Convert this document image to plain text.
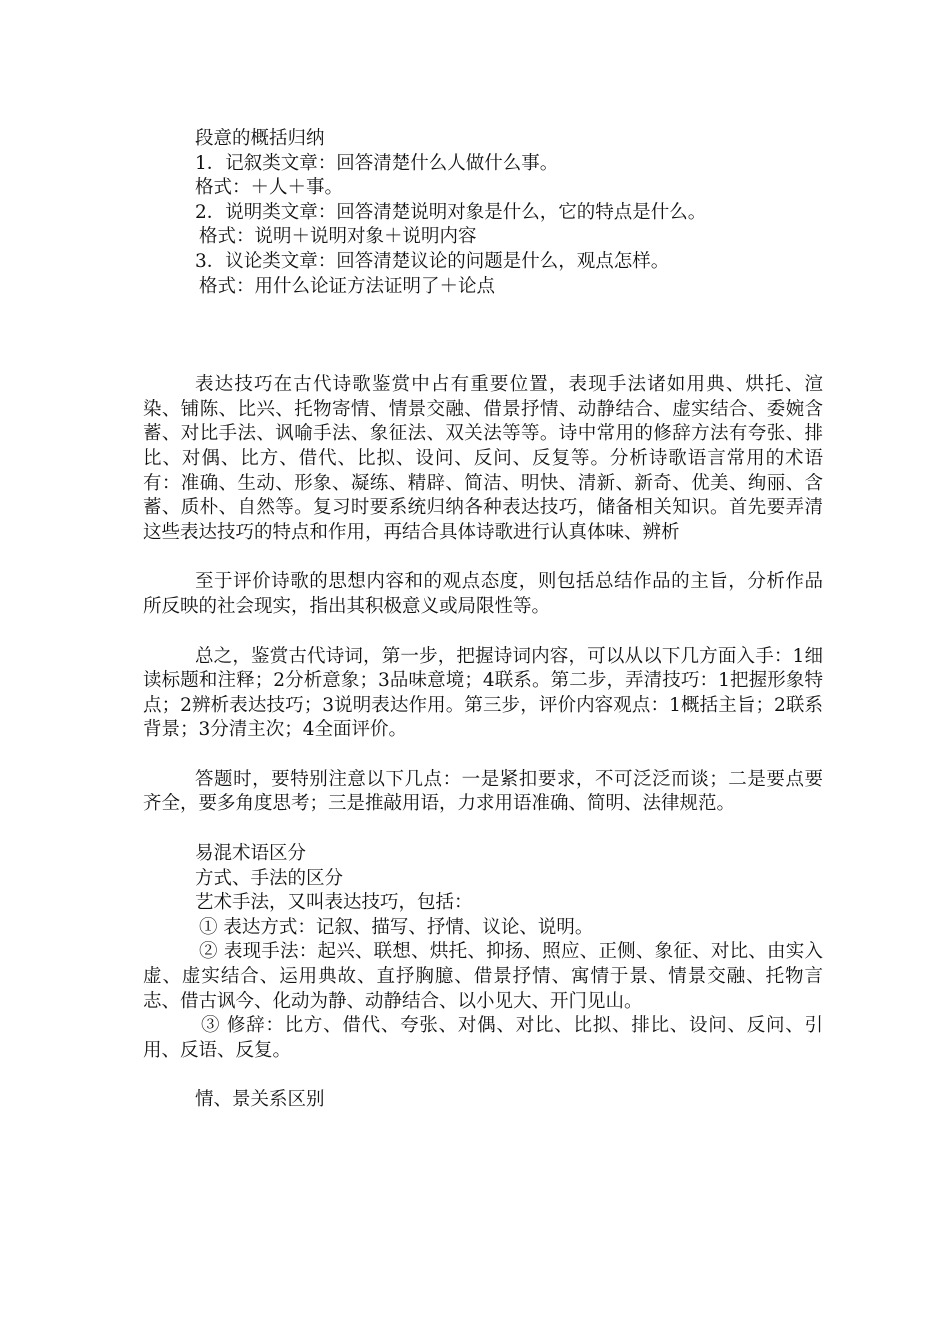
段意的概括归纳
1．记叙类文章：回答清楚什么人做什么事。
格式：＋人＋事。
2．说明类文章：回答清楚说明对象是什么，它的特点是什么。
格式：说明＋说明对象＋说明内容
3．议论类文章：回答清楚议论的问题是什么，观点怎样。
格式：用什么论证方法证明了＋论点

表达技巧在古代诗歌鉴赏中占有重要位置，表现手法诸如用典、烘托、渲染、铺陈、比兴、托物寄情、情景交融、借景抒情、动静结合、虚实结合、委婉含蓄、对比手法、讽喻手法、象征法、双关法等等。诗中常用的修辞方法有夸张、排比、对偶、比方、借代、比拟、设问、反问、反复等。分析诗歌语言常用的术语有：准确、生动、形象、凝练、精辟、简洁、明快、清新、新奇、优美、绚丽、含蓄、质朴、自然等。复习时要系统归纳各种表达技巧，储备相关知识。首先要弄清这些表达技巧的特点和作用，再结合具体诗歌进行认真体味、辨析

至于评价诗歌的思想内容和的观点态度，则包括总结作品的主旨，分析作品所反映的社会现实，指出其积极意义或局限性等。

总之，鉴赏古代诗词，第一步，把握诗词内容，可以从以下几方面入手：1细读标题和注释；2分析意象；3品味意境；4联系。第二步，弄清技巧：1把握形象特点；2辨析表达技巧；3说明表达作用。第三步，评价内容观点：1概括主旨；2联系背景；3分清主次；4全面评价。

答题时，要特别注意以下几点：一是紧扣要求，不可泛泛而谈；二是要点要齐全，要多角度思考；三是推敲用语，力求用语准确、简明、法律规范。

易混术语区分
方式、手法的区分
艺术手法，又叫表达技巧，包括：

① 表达方式：记叙、描写、抒情、议论、说明。

② 表现手法：起兴、联想、烘托、抑扬、照应、正侧、象征、对比、由实入虚、虚实结合、运用典故、直抒胸臆、借景抒情、寓情于景、情景交融、托物言志、借古讽今、化动为静、动静结合、以小见大、开门见山。

③ 修辞：比方、借代、夸张、对偶、对比、比拟、排比、设问、反问、引用、反语、反复。

情、景关系区别
